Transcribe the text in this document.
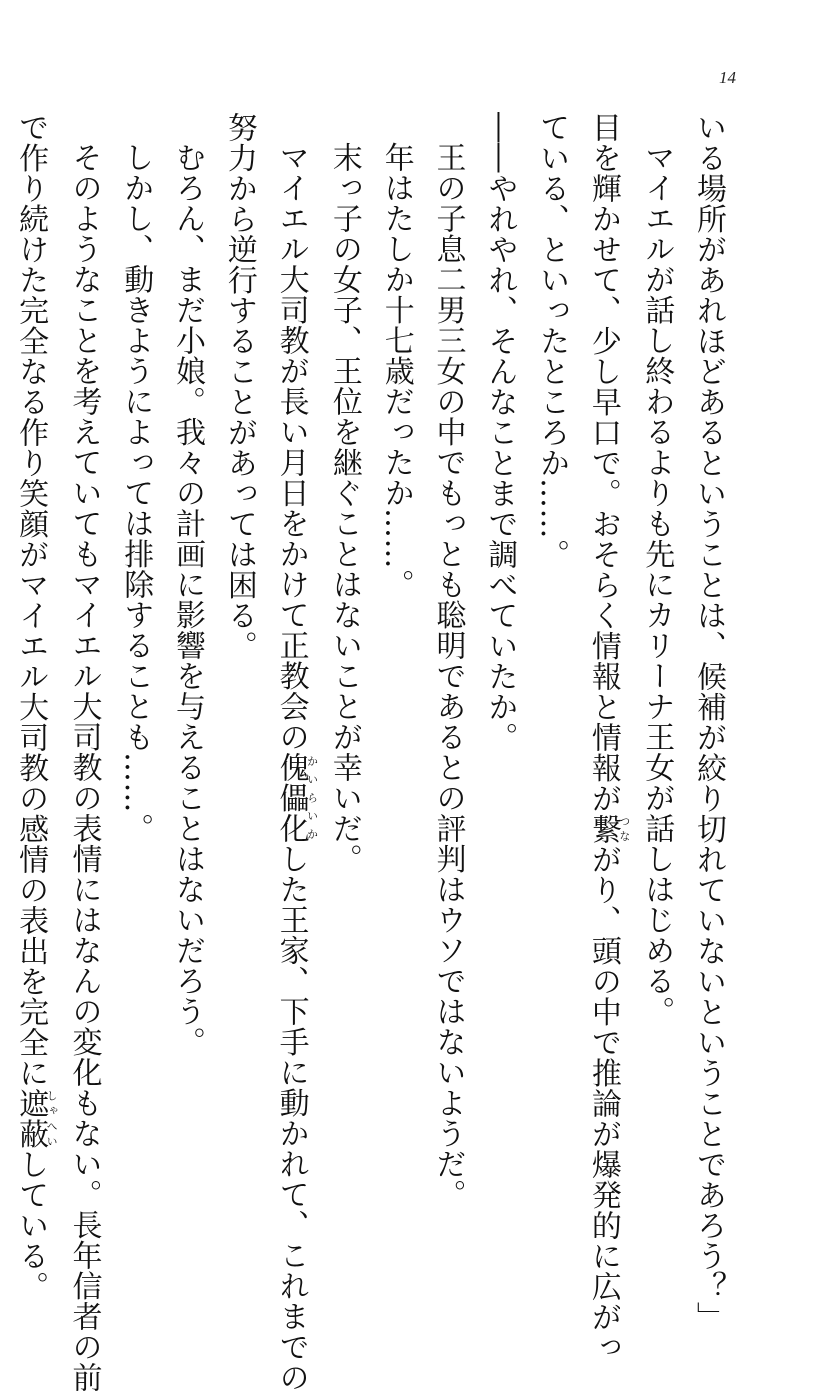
14
いる場所があれほどあるということは、候補が絞り切れていないということであろう？」
マイエルが話し終わるよりも先にカリーナ王女が話しはじめる。
目を輝かせて、少し早口で。おそらく情報と情報が繋つながり、頭の中で推論が爆発的に広がっ
ている、といったところか……。
――やれやれ、そんなことまで調べていたか。
王の子息二男三女の中でもっとも聡明であるとの評判はウソではないようだ。
年はたしか十七歳だったか……。
末っ子の女子、王位を継ぐことはないことが幸いだ。
マイエル大司教が長い月日をかけて正教会の傀儡化かいらいかした王家、下手に動かれて、これまでの
努力から逆行することがあっては困る。
むろん、まだ小娘。我々の計画に影響を与えることはないだろう。
しかし、動きようによっては排除することも……。
そのようなことを考えていてもマイエル大司教の表情にはなんの変化もない。長年信者の前
で作り続けた完全なる作り笑顔がマイエル大司教の感情の表出を完全に遮蔽しゃへいしている。
